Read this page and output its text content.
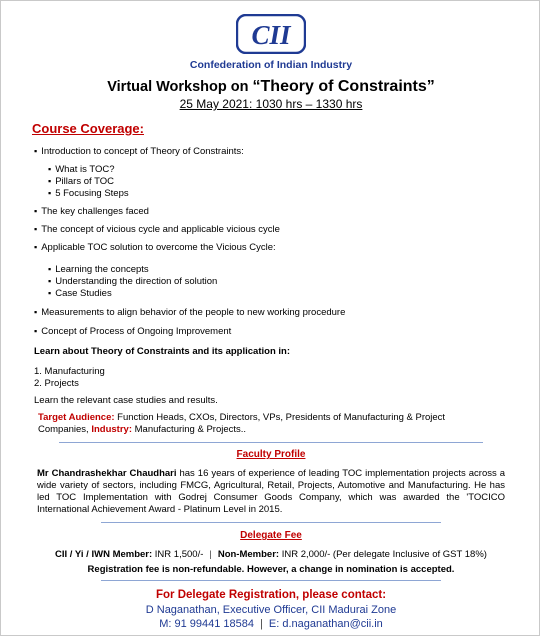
CII
Confederation of Indian Industry
Virtual Workshop on “Theory of Constraints”
25 May 2021: 1030 hrs – 1330 hrs
Course Coverage:
▪ Introduction to concept of Theory of Constraints:
▪ What is TOC?
▪ Pillars of TOC
▪ 5 Focusing Steps
▪ The key challenges faced
▪ The concept of vicious cycle and applicable vicious cycle
▪ Applicable TOC solution to overcome the Vicious Cycle:
▪ Learning the concepts
▪ Understanding the direction of solution
▪ Case Studies
▪ Measurements to align behavior of the people to new working procedure
▪ Concept of Process of Ongoing Improvement
Learn about Theory of Constraints and its application in:
1. Manufacturing
2. Projects
Learn the relevant case studies and results.
Target Audience: Function Heads, CXOs, Directors, VPs, Presidents of Manufacturing & Project
Companies, Industry: Manufacturing & Projects..
Faculty Profile
Mr Chandrashekhar Chaudhari has 16 years of experience of leading TOC implementation projects across a wide variety of sectors, including FMCG, Agricultural, Retail, Projects, Automotive and Manufacturing. He has led TOC Implementation with Godrej Consumer Goods Company, which was awarded the 'TOCICO International Achievement Award - Platinum Level in 2015.
Delegate Fee
CII / Yi / IWN Member: INR 1,500/- | Non-Member: INR 2,000/- (Per delegate Inclusive of GST 18%)
Registration fee is non-refundable. However, a change in nomination is accepted.
For Delegate Registration, please contact:
D Naganathan, Executive Officer, CII Madurai Zone
M: 91 99441 18584 | E: d.naganathan@cii.in
